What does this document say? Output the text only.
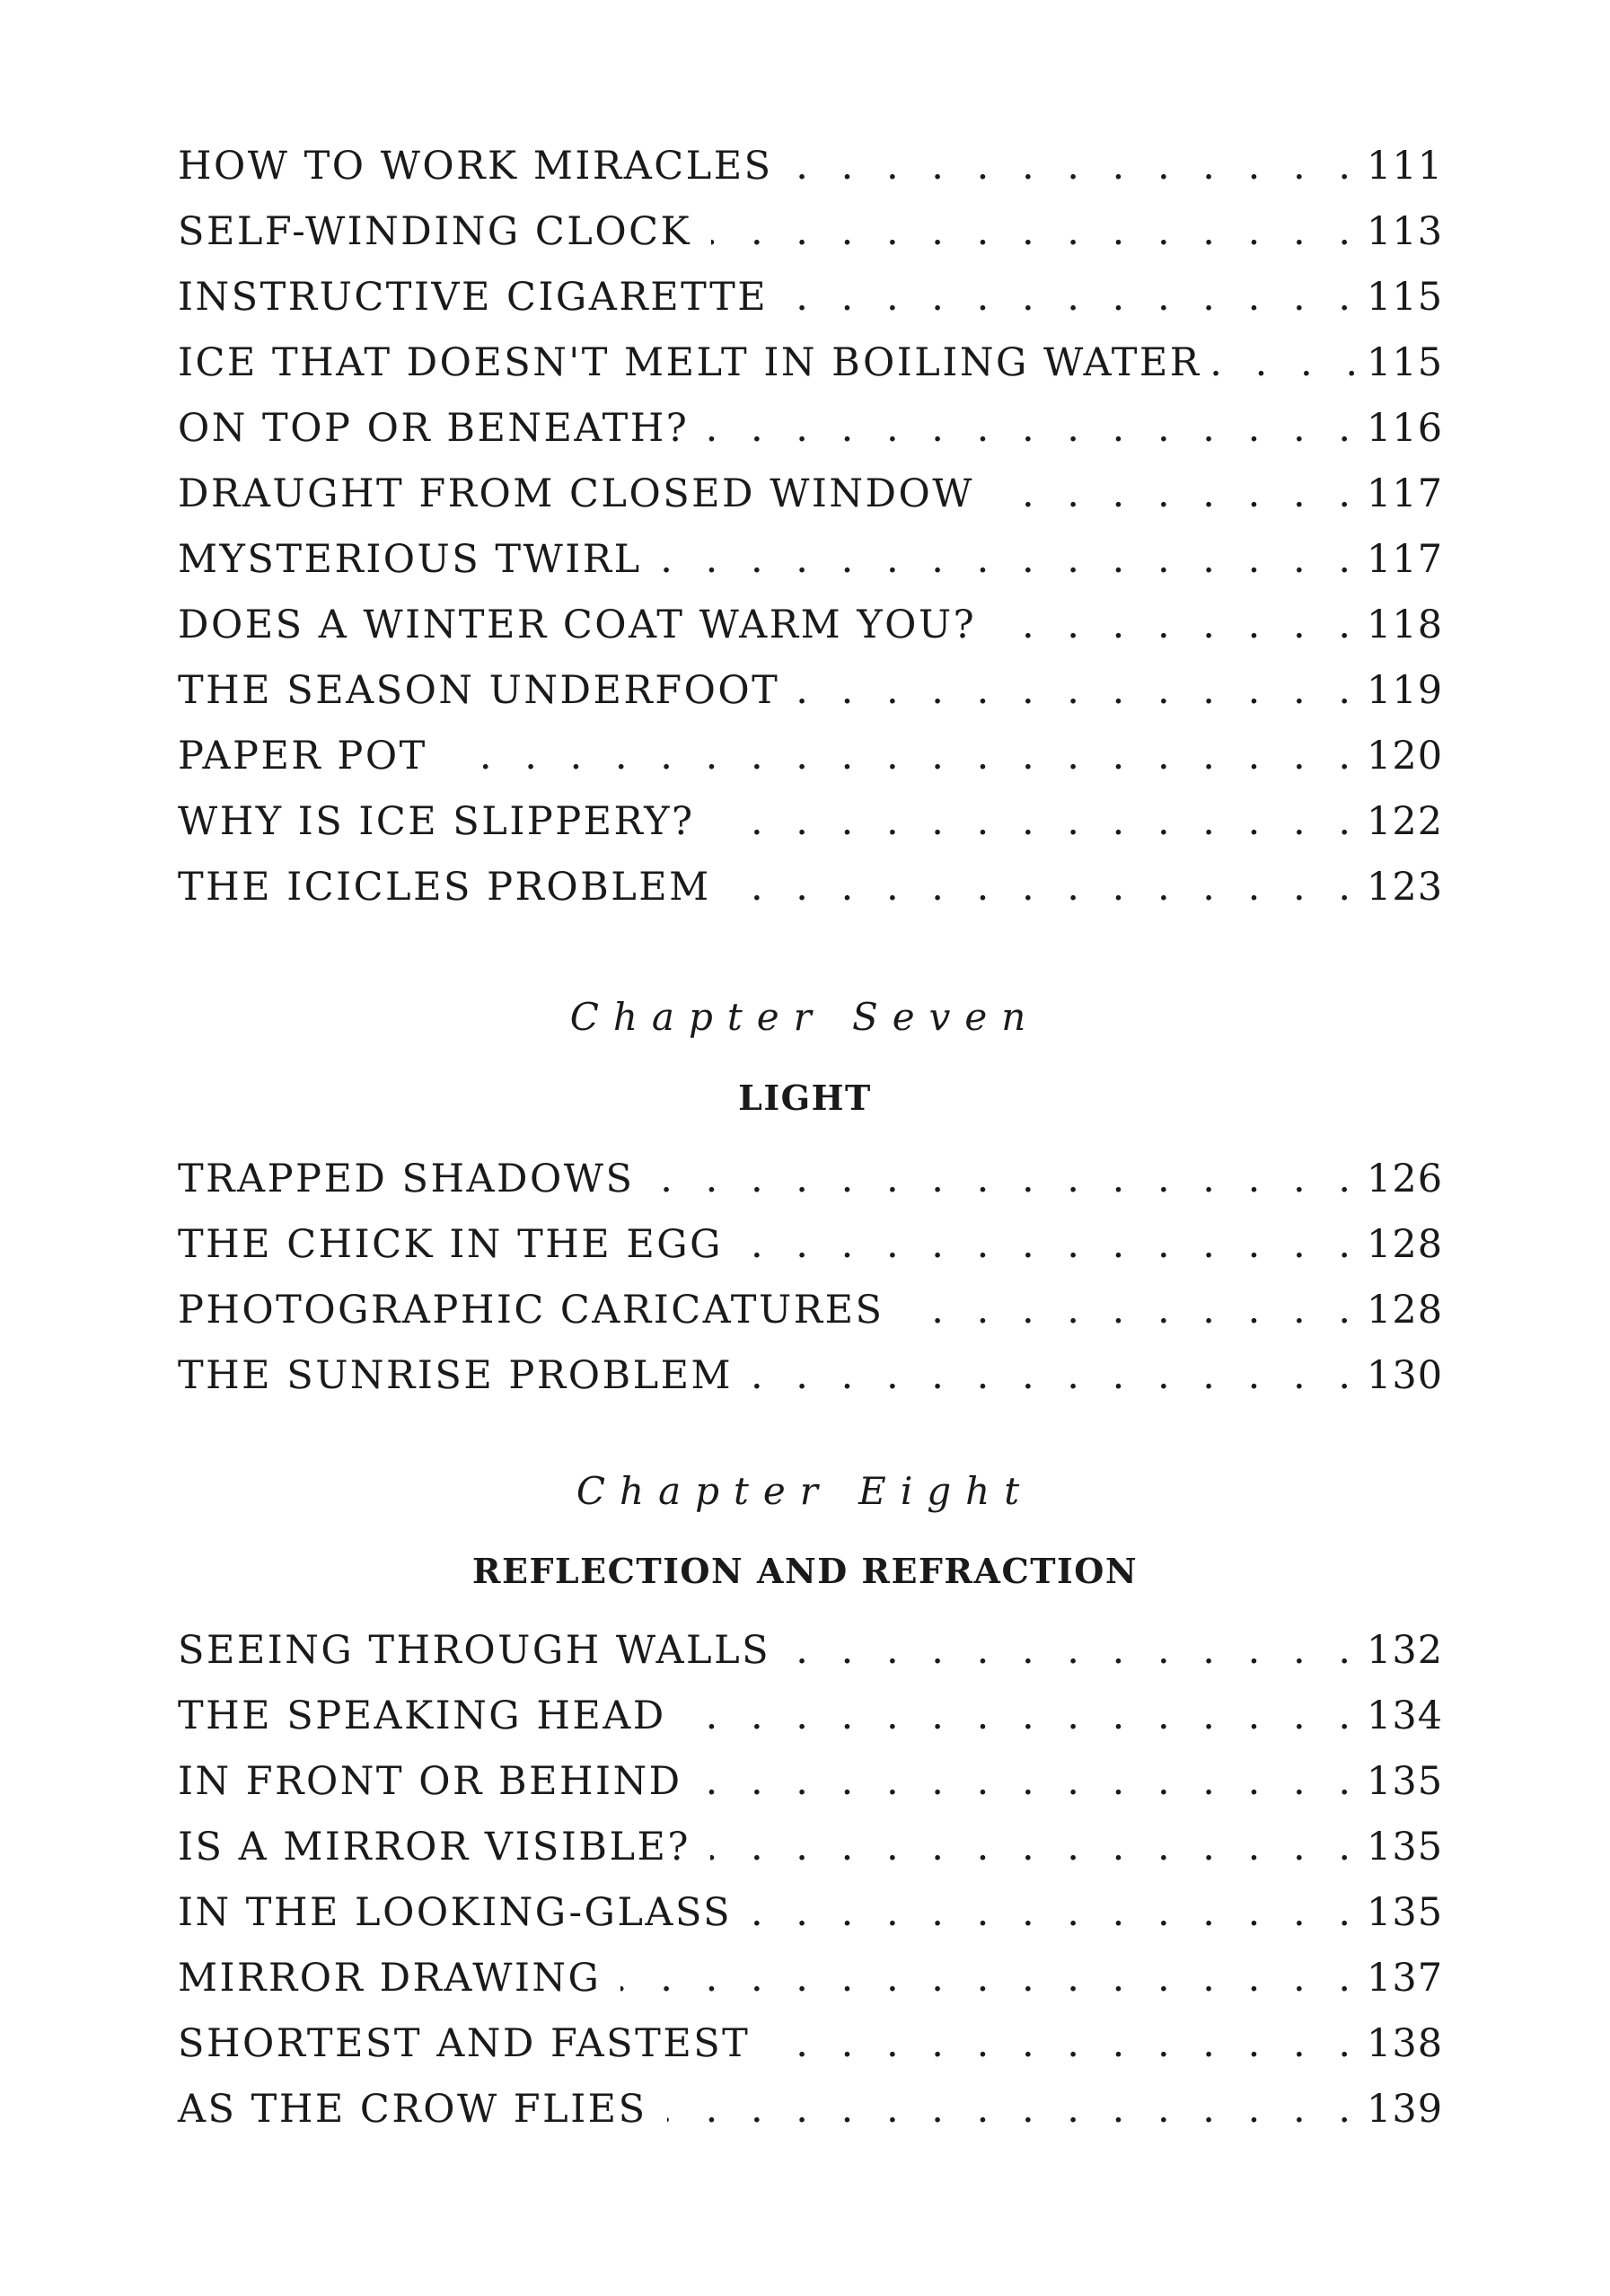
HOW TO WORK MIRACLES . . .	111
SELF-WINDING CLOCK . . .	113
INSTRUCTIVE CIGARETTE . . .	115
ICE THAT DOESN'T MELT IN BOILING WATER . . .	115
ON TOP OR BENEATH? . . .	116
DRAUGHT FROM CLOSED WINDOW . . .	117
MYSTERIOUS TWIRL . . .	117
DOES A WINTER COAT WARM YOU? . . .	118
THE SEASON UNDERFOOT . . .	119
PAPER POT . . .	120
WHY IS ICE SLIPPERY? . . .	122
THE ICICLES PROBLEM . . .	123
Chapter Seven
LIGHT
TRAPPED SHADOWS . . .	126
THE CHICK IN THE EGG . . .	128
PHOTOGRAPHIC CARICATURES . . .	128
THE SUNRISE PROBLEM . . .	130
Chapter Eight
REFLECTION AND REFRACTION
SEEING THROUGH WALLS . . .	132
THE SPEAKING HEAD . . .	134
IN FRONT OR BEHIND . . .	135
IS A MIRROR VISIBLE? . . .	135
IN THE LOOKING-GLASS . . .	135
MIRROR DRAWING . . .	137
SHORTEST AND FASTEST . . .	138
AS THE CROW FLIES . . .	139
